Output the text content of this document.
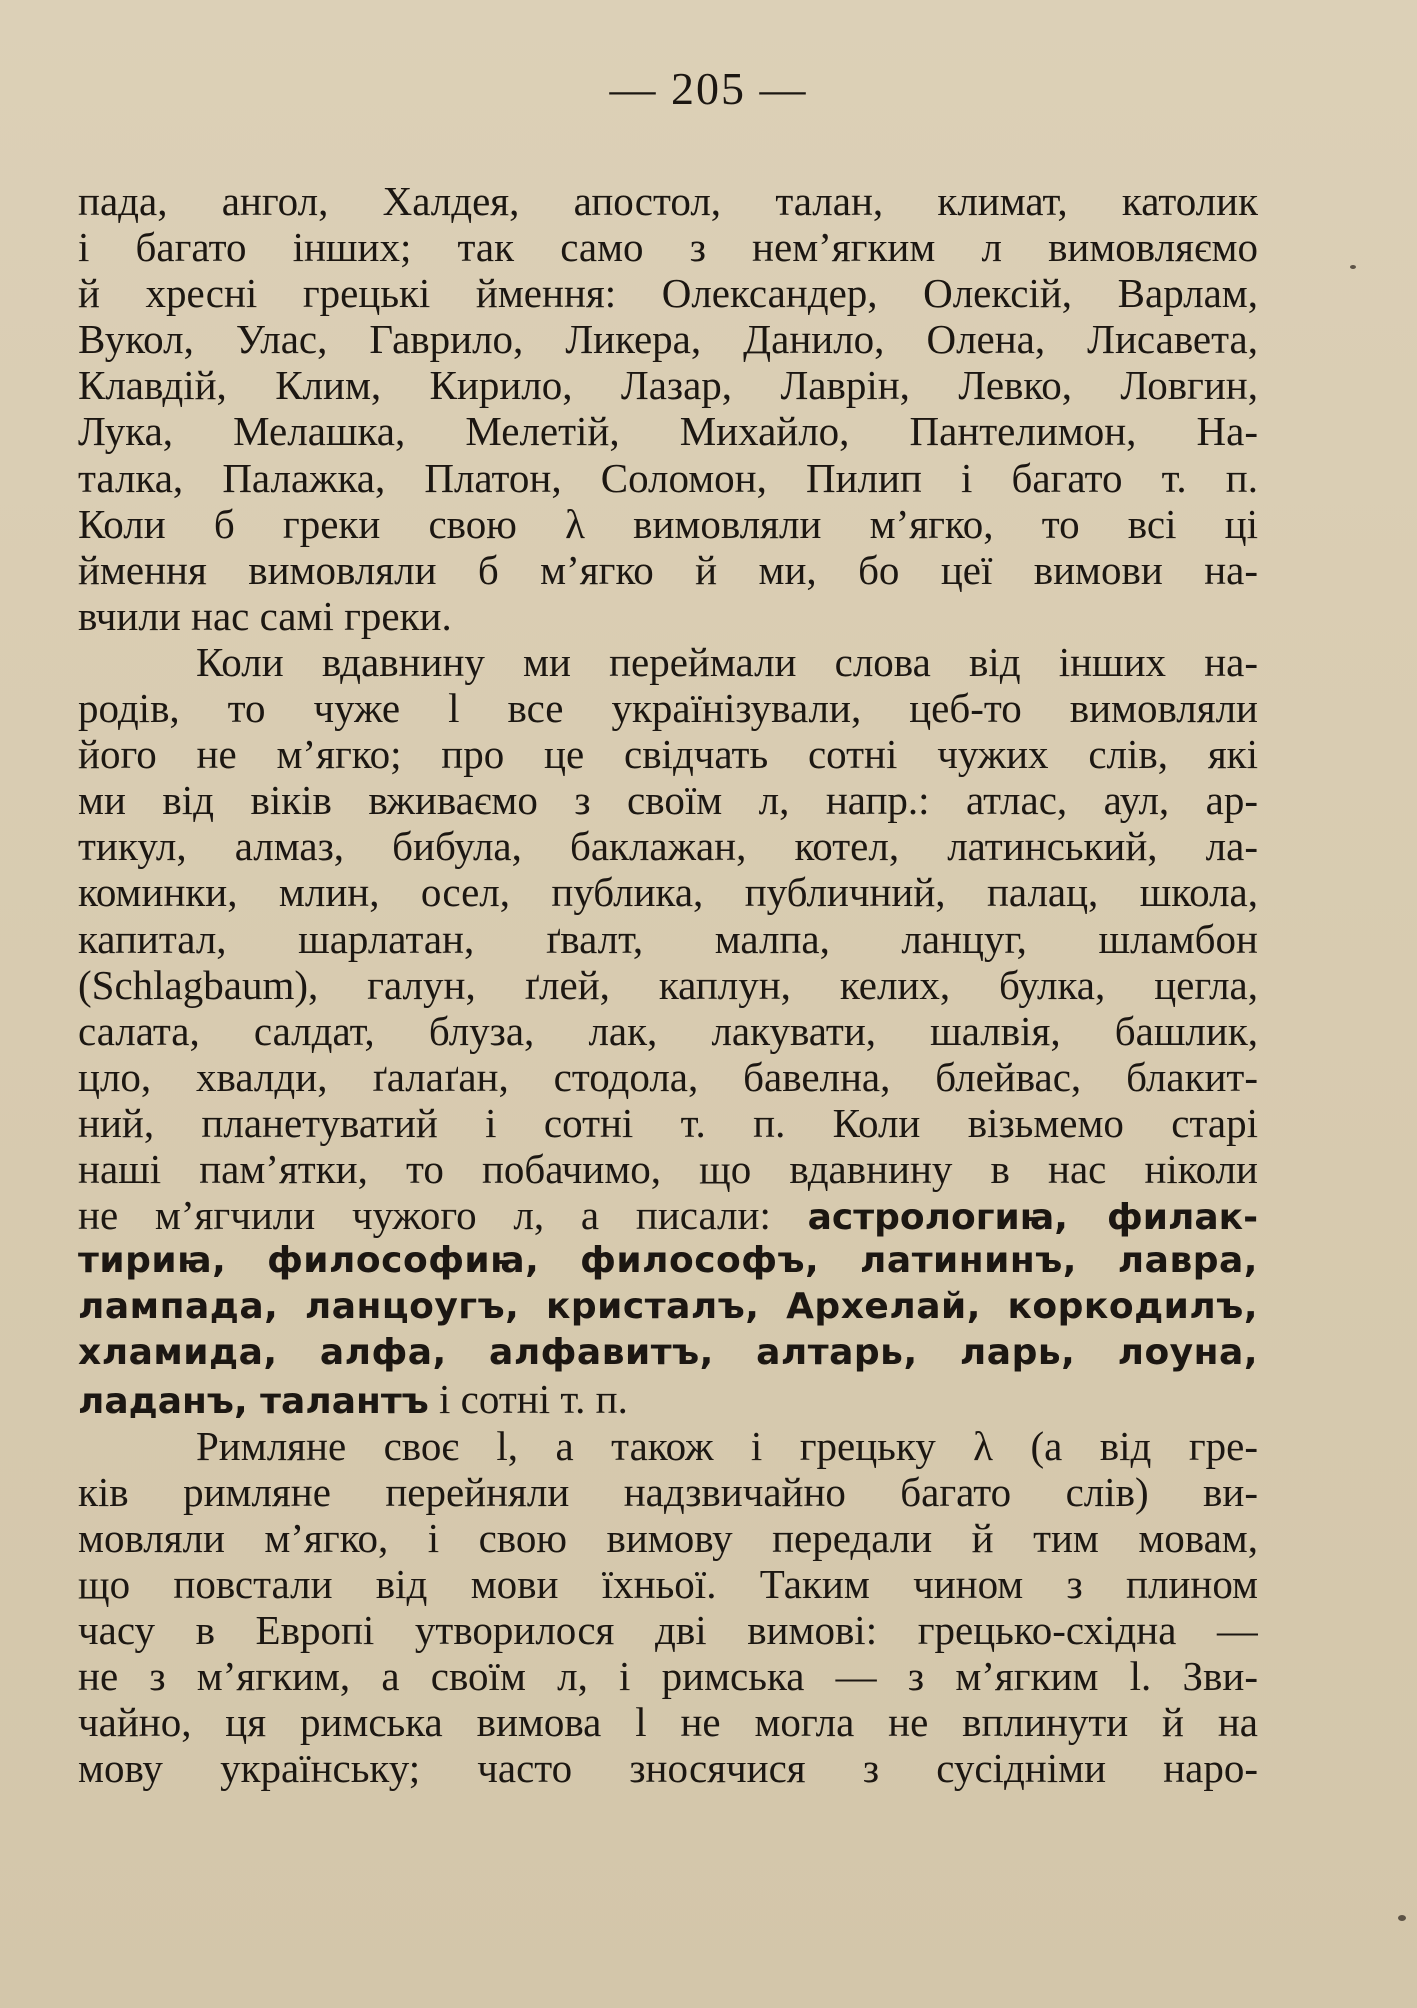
— 205 —
пада, ангол, Халдея, апостол, талан, климат, католик
і багато інших; так само з нем’ягким л вимовляємо
й хресні грецькі ймення: Олександер, Олексій, Варлам,
Вукол, Улас, Гаврило, Ликера, Данило, Олена, Лисавета,
Клавдій, Клим, Кирило, Лазар, Лаврін, Левко, Ловгин,
Лука, Мелашка, Мелетій, Михайло, Пантелимон, На-
талка, Палажка, Платон, Соломон, Пилип і багато т. п.
Коли б греки свою λ вимовляли м’ягко, то всі ці
ймення вимовляли б м’ягко й ми, бо цеї вимови на-
вчили нас самі греки.
Коли вдавнину ми переймали слова від інших на-
родів, то чуже l все українізували, цеб-то вимовляли
його не м’ягко; про це свідчать сотні чужих слів, які
ми від віків вживаємо з своїм л, напр.: атлас, аул, ар-
тикул, алмаз, бибула, баклажан, котел, латинський, ла-
коминки, млин, осел, публика, публичний, палац, школа,
капитал, шарлатан, ґвалт, малпа, ланцуг, шламбон
(Schlagbaum), галун, ґлей, каплун, келих, булка, цегла,
салата, салдат, блуза, лак, лакувати, шалвія, башлик,
цло, хвалди, ґалаґан, стодола, бавелна, блейвас, блакит-
ний, планетуватий і сотні т. п. Коли візьмемо старі
наші пам’ятки, то побачимо, що вдавнину в нас ніколи
не м’ягчили чужого л, а писали: астрологиꙗ, филак-
тириꙗ, философиꙗ, философъ, латининъ, лавра,
лампада, ланцоугъ, кристалъ, Архелай, коркодилъ,
хламида, алфа, алфавитъ, алтарь, ларь, лоуна,
ладанъ, талантъ і сотні т. п.
Римляне своє l, а також і грецьку λ (а від гре-
ків римляне перейняли надзвичайно багато слів) ви-
мовляли м’ягко, і свою вимову передали й тим мовам,
що повстали від мови їхньої. Таким чином з плином
часу в Европі утворилося дві вимові: грецько-східна —
не з м’ягким, а своїм л, і римська — з м’ягким l. Зви-
чайно, ця римська вимова l не могла не вплинути й на
мову українську; часто зносячися з сусідніми наро-
